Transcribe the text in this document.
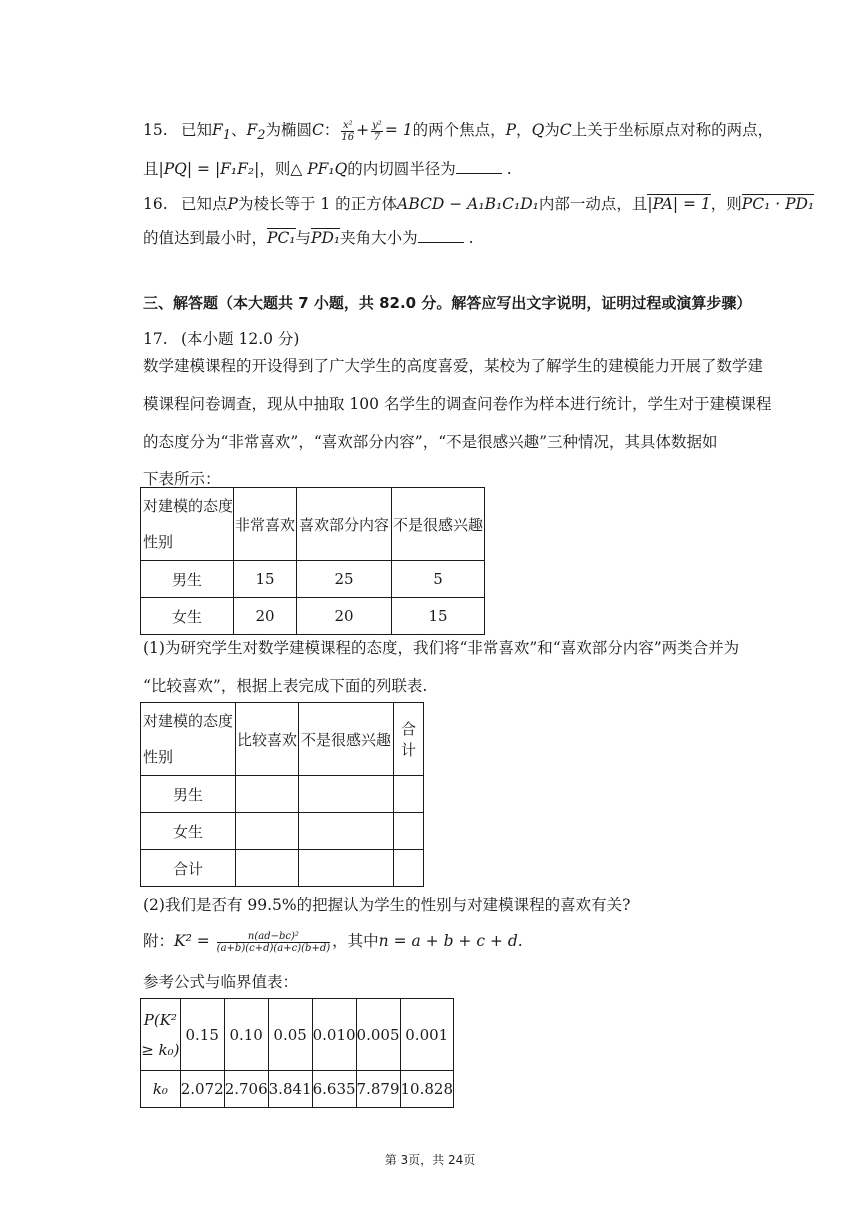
15. 已知$F_1$、$F_2$为椭圆C： $\frac{\text{x²}}{16} + \frac{\text{y²}}{7} = 1$的两个焦点，P，Q为C上关于坐标原点对称的两点，
且|PQ| = |F₁F₂|，则△ PF₁Q的内切圆半径为	.
16. 已知点P为棱长等于 1 的正方体ABCD − A₁B₁C₁D₁内部一动点，且|PA| = 1，则PC₁ · PD₁
的值达到最小时，PC₁与PD₁夹角大小为	.
三、解答题（本大题共 7 小题，共 82.0 分。解答应写出文字说明，证明过程或演算步骤）
17. (本小题 12.0 分)
数学建模课程的开设得到了广大学生的高度喜爱，某校为了解学生的建模能力开展了数学建
模课程问卷调查，现从中抽取 100 名学生的调查问卷作为样本进行统计，学生对于建模课程
的态度分为“非常喜欢”，“喜欢部分内容”，“不是很感兴趣”三种情况，其具体数据如
下表所示：
对建模的态度
性别	非常喜欢	喜欢部分内容	不是很感兴趣
男生	15	25	5
女生	20	20	15
(1)为研究学生对数学建模课程的态度，我们将“非常喜欢”和“喜欢部分内容”两类合并为
“比较喜欢”，根据上表完成下面的列联表.
对建模的态度
性别	比较喜欢	不是很感兴趣	合计
男生			
女生			
合计			
(2)我们是否有 99.5%的把握认为学生的性别与对建模课程的喜欢有关?
附：$K^2 = \frac{\text{n(ad−bc)²}}{(a+b)(c+d)(a+c)(b+d)}$ ，其中n = a + b + c + d.
参考公式与临界值表：
P(K²
≥ k₀)	0.15	0.10	0.05	0.010	0.005	0.001
k₀	2.072	2.706	3.841	6.635	7.879	10.828
第 3页，共 24页
